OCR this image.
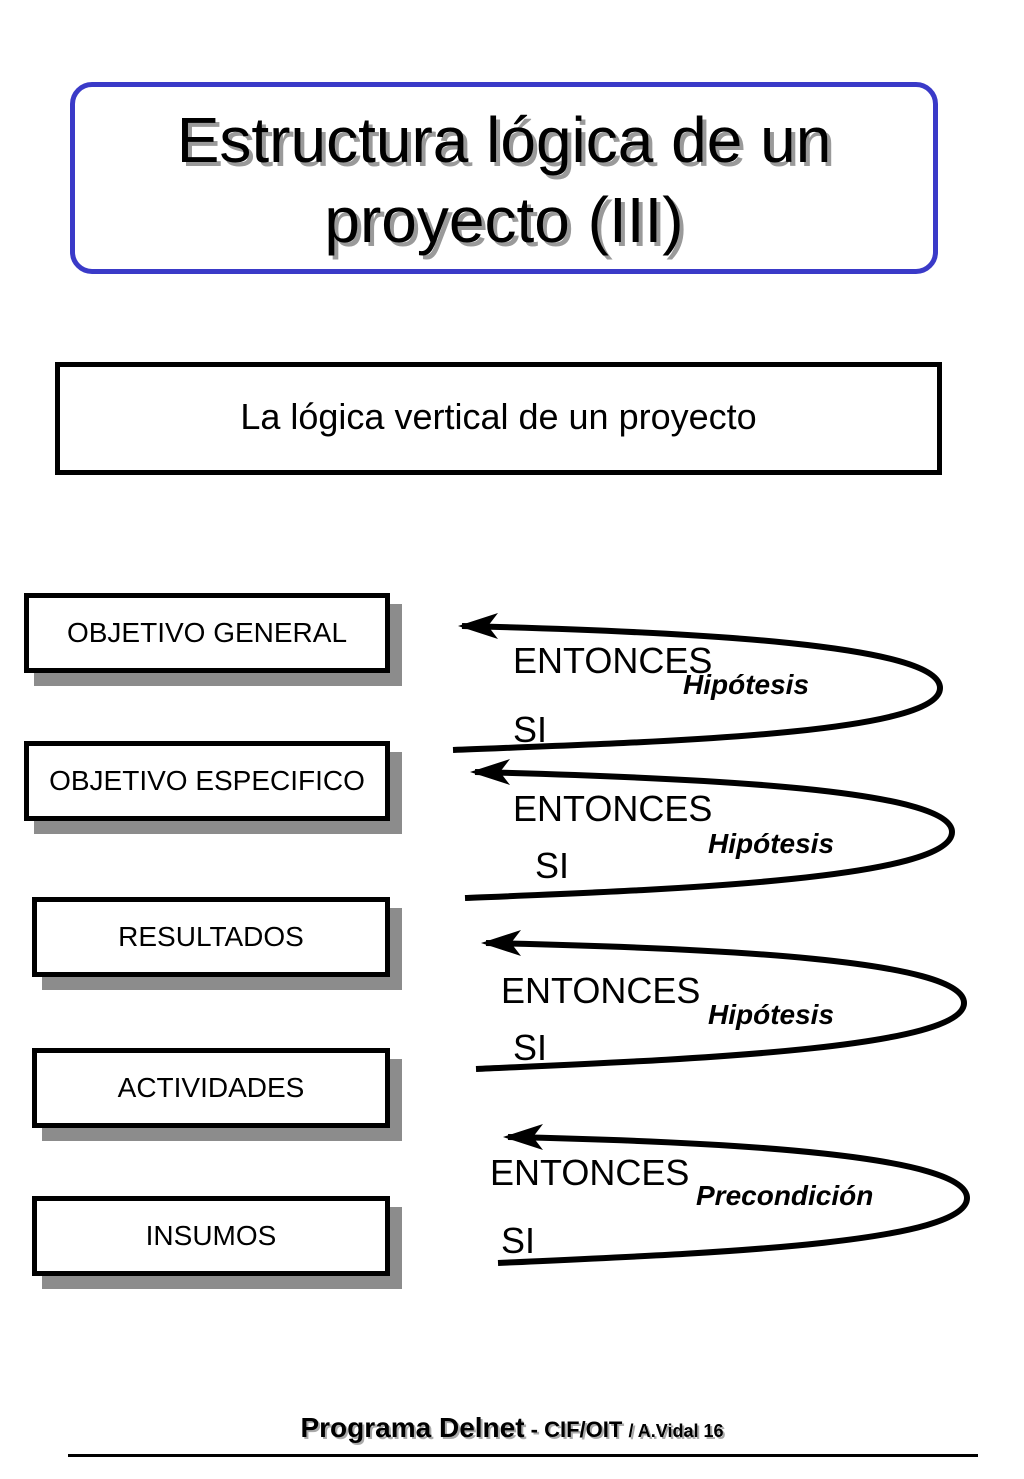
Estructura lógica de un
proyecto (III)
La lógica vertical de un proyecto
OBJETIVO GENERAL
OBJETIVO ESPECIFICO
RESULTADOS
ACTIVIDADES
INSUMOS
ENTONCES
Hipótesis
SI
ENTONCES
Hipótesis
SI
ENTONCES
Hipótesis
SI
ENTONCES
Precondición
SI
Programa Delnet - CIF/OIT / A.Vidal 16
